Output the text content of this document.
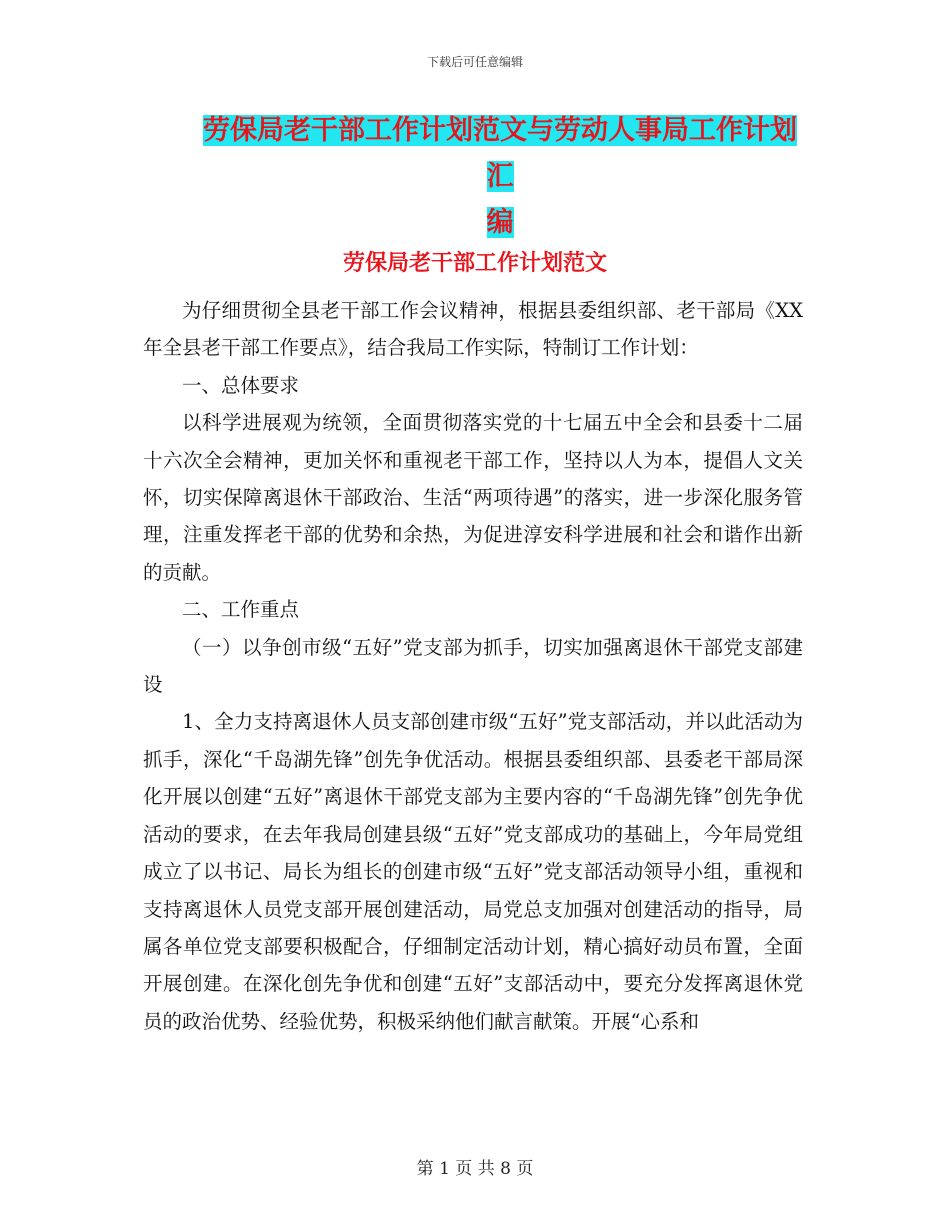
下载后可任意编辑
劳保局老干部工作计划范文与劳动人事局工作计划汇
编
劳保局老干部工作计划范文

为仔细贯彻全县老干部工作会议精神，根据县委组织部、老干部局《XX年全县老干部工作要点》，结合我局工作实际，特制订工作计划：

一、总体要求

以科学进展观为统领，全面贯彻落实党的十七届五中全会和县委十二届十六次全会精神，更加关怀和重视老干部工作，坚持以人为本，提倡人文关怀，切实保障离退休干部政治、生活“两项待遇”的落实，进一步深化服务管理，注重发挥老干部的优势和余热，为促进淳安科学进展和社会和谐作出新的贡献。

二、工作重点

（一）以争创市级“五好”党支部为抓手，切实加强离退休干部党支部建设

1、全力支持离退休人员支部创建市级“五好”党支部活动，并以此活动为抓手，深化“千岛湖先锋”创先争优活动。根据县委组织部、县委老干部局深化开展以创建“五好”离退休干部党支部为主要内容的“千岛湖先锋”创先争优活动的要求，在去年我局创建县级“五好”党支部成功的基础上，今年局党组成立了以书记、局长为组长的创建市级“五好”党支部活动领导小组，重视和支持离退休人员党支部开展创建活动，局党总支加强对创建活动的指导，局属各单位党支部要积极配合，仔细制定活动计划，精心搞好动员布置，全面开展创建。在深化创先争优和创建“五好”支部活动中，要充分发挥离退休党员的政治优势、经验优势，积极采纳他们献言献策。开展“心系和

第 1 页 共 8 页
